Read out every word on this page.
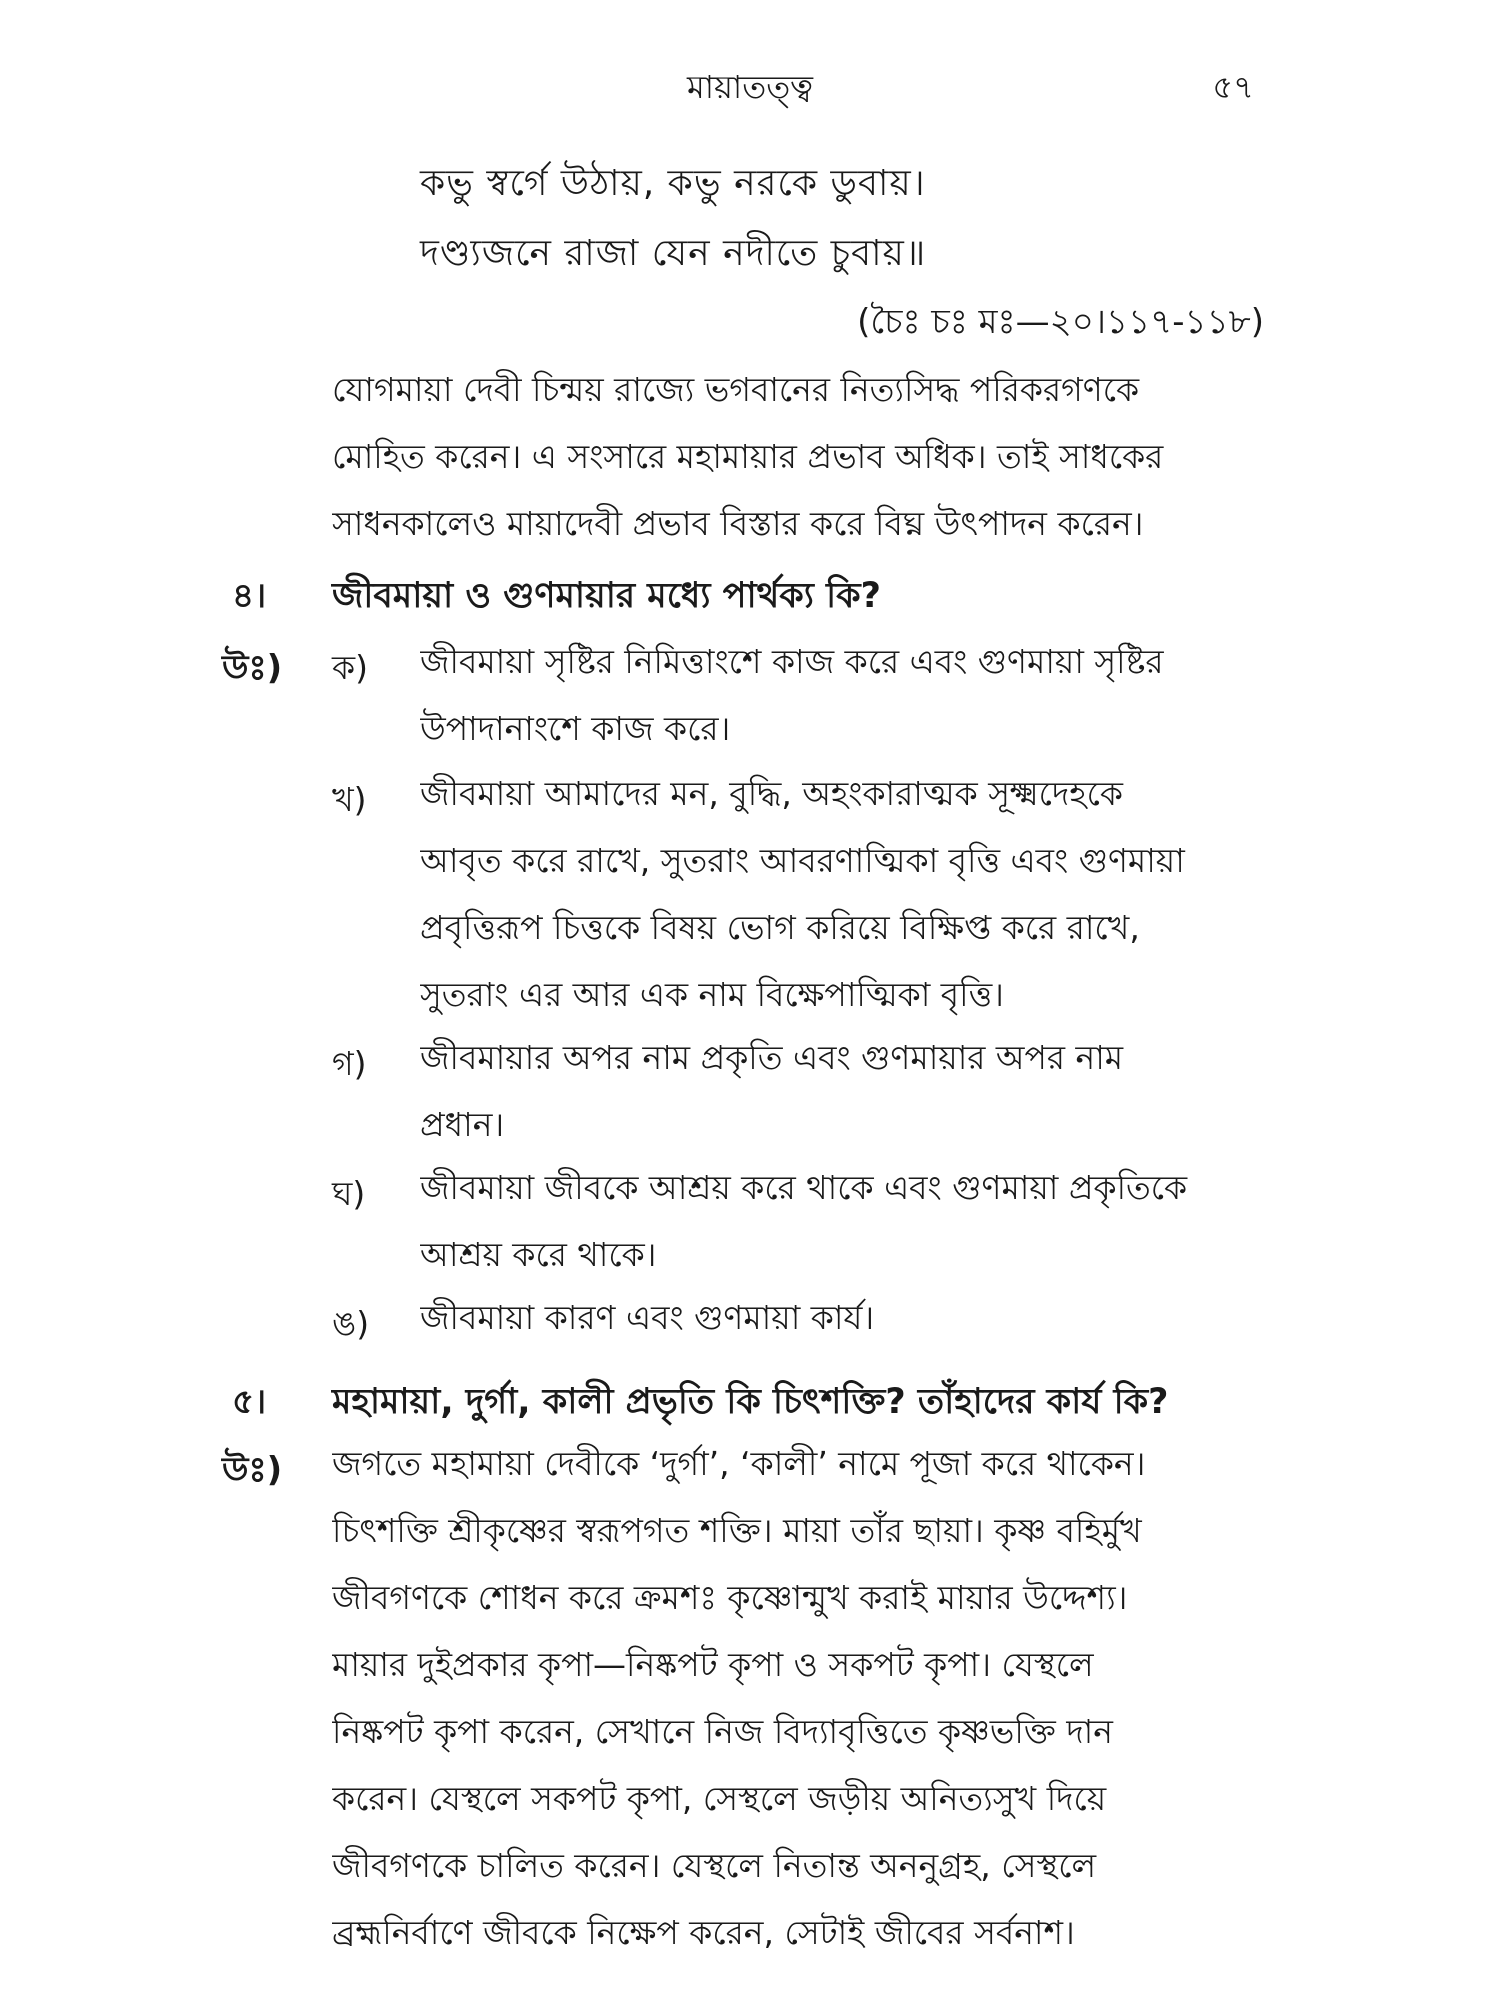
মায়াতত্ত্ব	৫৭
কভু স্বর্গে উঠায়, কভু নরকে ডুবায়।
দণ্ড্যজনে রাজা যেন নদীতে চুবায়॥
(চৈঃ চঃ মঃ—২০।১১৭-১১৮)
যোগমায়া দেবী চিন্ময় রাজ্যে ভগবানের নিত্যসিদ্ধ পরিকরগণকে
মোহিত করেন। এ সংসারে মহামায়ার প্রভাব অধিক। তাই সাধকের
সাধনকালেও মায়াদেবী প্রভাব বিস্তার করে বিঘ্ন উৎপাদন করেন।
৪। জীবমায়া ও গুণমায়ার মধ্যে পার্থক্য কি?
উঃ) ক) জীবমায়া সৃষ্টির নিমিত্তাংশে কাজ করে এবং গুণমায়া সৃষ্টির
উপাদানাংশে কাজ করে।
খ) জীবমায়া আমাদের মন, বুদ্ধি, অহংকারাত্মক সূক্ষ্মদেহকে
আবৃত করে রাখে, সুতরাং আবরণাত্মিকা বৃত্তি এবং গুণমায়া
প্রবৃত্তিরূপ চিত্তকে বিষয় ভোগ করিয়ে বিক্ষিপ্ত করে রাখে,
সুতরাং এর আর এক নাম বিক্ষেপাত্মিকা বৃত্তি।
গ) জীবমায়ার অপর নাম প্রকৃতি এবং গুণমায়ার অপর নাম
প্রধান।
ঘ) জীবমায়া জীবকে আশ্রয় করে থাকে এবং গুণমায়া প্রকৃতিকে
আশ্রয় করে থাকে।
ঙ) জীবমায়া কারণ এবং গুণমায়া কার্য।
৫। মহামায়া, দুর্গা, কালী প্রভৃতি কি চিৎশক্তি? তাঁহাদের কার্য কি?
উঃ) জগতে মহামায়া দেবীকে ‘দুর্গা’, ‘কালী’ নামে পূজা করে থাকেন।
চিৎশক্তি শ্রীকৃষ্ণের স্বরূপগত শক্তি। মায়া তাঁর ছায়া। কৃষ্ণ বহির্মুখ
জীবগণকে শোধন করে ক্রমশঃ কৃষ্ণোন্মুখ করাই মায়ার উদ্দেশ্য।
মায়ার দুইপ্রকার কৃপা—নিষ্কপট কৃপা ও সকপট কৃপা। যেস্থলে
নিষ্কপট কৃপা করেন, সেখানে নিজ বিদ্যাবৃত্তিতে কৃষ্ণভক্তি দান
করেন। যেস্থলে সকপট কৃপা, সেস্থলে জড়ীয় অনিত্যসুখ দিয়ে
জীবগণকে চালিত করেন। যেস্থলে নিতান্ত অননুগ্রহ, সেস্থলে
ব্রহ্মনির্বাণে জীবকে নিক্ষেপ করেন, সেটাই জীবের সর্বনাশ।
